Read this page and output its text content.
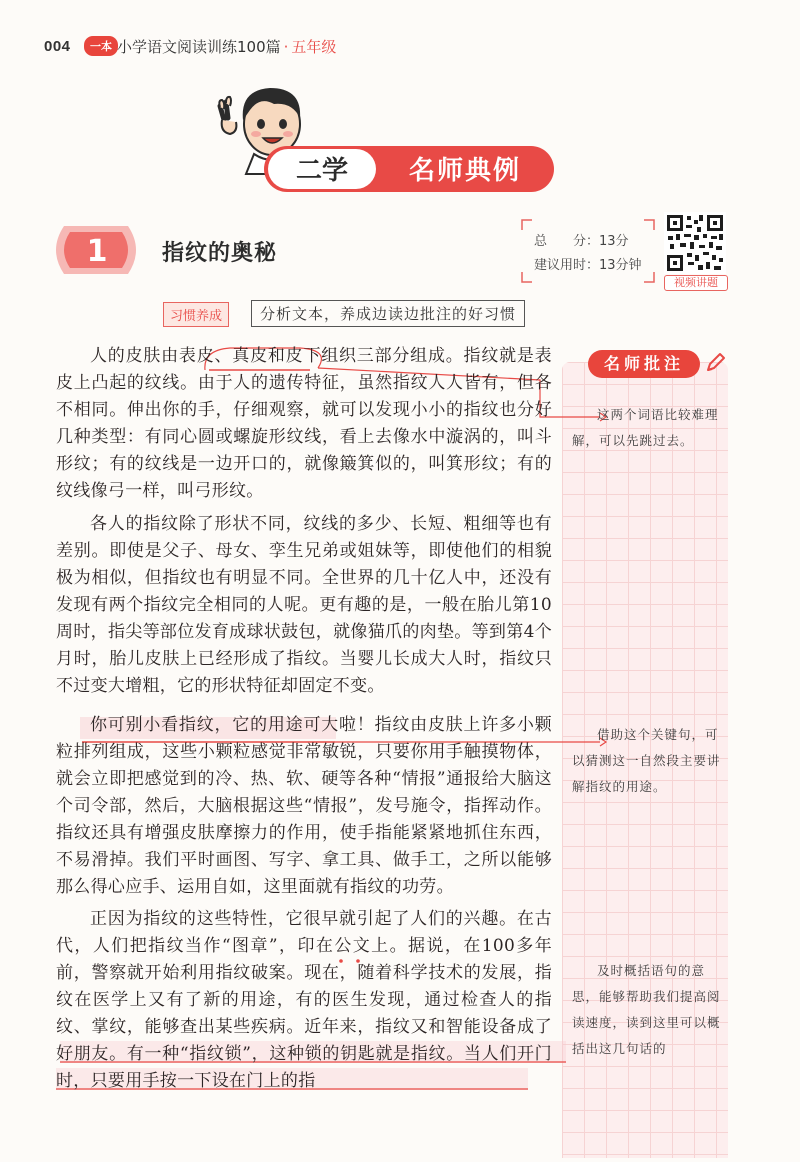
004	一本 小学语文阅读训练100篇 · 五年级
二学 名师典例
1 指纹的奥秘	总　　分：13分
建议用时：13分钟
视频讲题
习惯养成	分析文本，养成边读边批注的好习惯
名师批注

人的皮肤由表皮、真皮和皮下组织三部分组成。指纹就是表皮上凸起的纹线。由于人的遗传特征，虽然指纹人人皆有，但各不相同。伸出你的手，仔细观察，就可以发现小小的指纹也分好几种类型：有同心圆或螺旋形纹线，看上去像水中漩涡的，叫斗形纹；有的纹线是一边开口的，就像簸箕似的，叫箕形纹；有的纹线像弓一样，叫弓形纹。

各人的指纹除了形状不同，纹线的多少、长短、粗细等也有差别。即使是父子、母女、孪生兄弟或姐妹等，即使他们的相貌极为相似，但指纹也有明显不同。全世界的几十亿人中，还没有发现有两个指纹完全相同的人呢。更有趣的是，一般在胎儿第10周时，指尖等部位发育成球状鼓包，就像猫爪的肉垫。等到第4个月时，胎儿皮肤上已经形成了指纹。当婴儿长成大人时，指纹只不过变大增粗，它的形状特征却固定不变。

你可别小看指纹，它的用途可大啦！指纹由皮肤上许多小颗粒排列组成，这些小颗粒感觉非常敏锐，只要你用手触摸物体，就会立即把感觉到的冷、热、软、硬等各种“情报”通报给大脑这个司令部，然后，大脑根据这些“情报”，发号施令，指挥动作。指纹还具有增强皮肤摩擦力的作用，使手指能紧紧地抓住东西，不易滑掉。我们平时画图、写字、拿工具、做手工，之所以能够那么得心应手、运用自如，这里面就有指纹的功劳。

正因为指纹的这些特性，它很早就引起了人们的兴趣。在古代，人们把指纹当作“图章”，印在公文上。据说，在100多年前，警察就开始利用指纹破案。现在，随着科学技术的发展，指纹在医学上又有了新的用途，有的医生发现，通过检查人的指纹、掌纹，能够查出某些疾病。近年来，指纹又和智能设备成了好朋友。有一种“指纹锁”，这种锁的钥匙就是指纹。当人们开门时，只要用手按一下设在门上的指

这两个词语比较难理解，可以先跳过去。

借助这个关键句，可以猜测这一自然段主要讲解指纹的用途。

及时概括语句的意思，能够帮助我们提高阅读速度，读到这里可以概括出这几句话的
